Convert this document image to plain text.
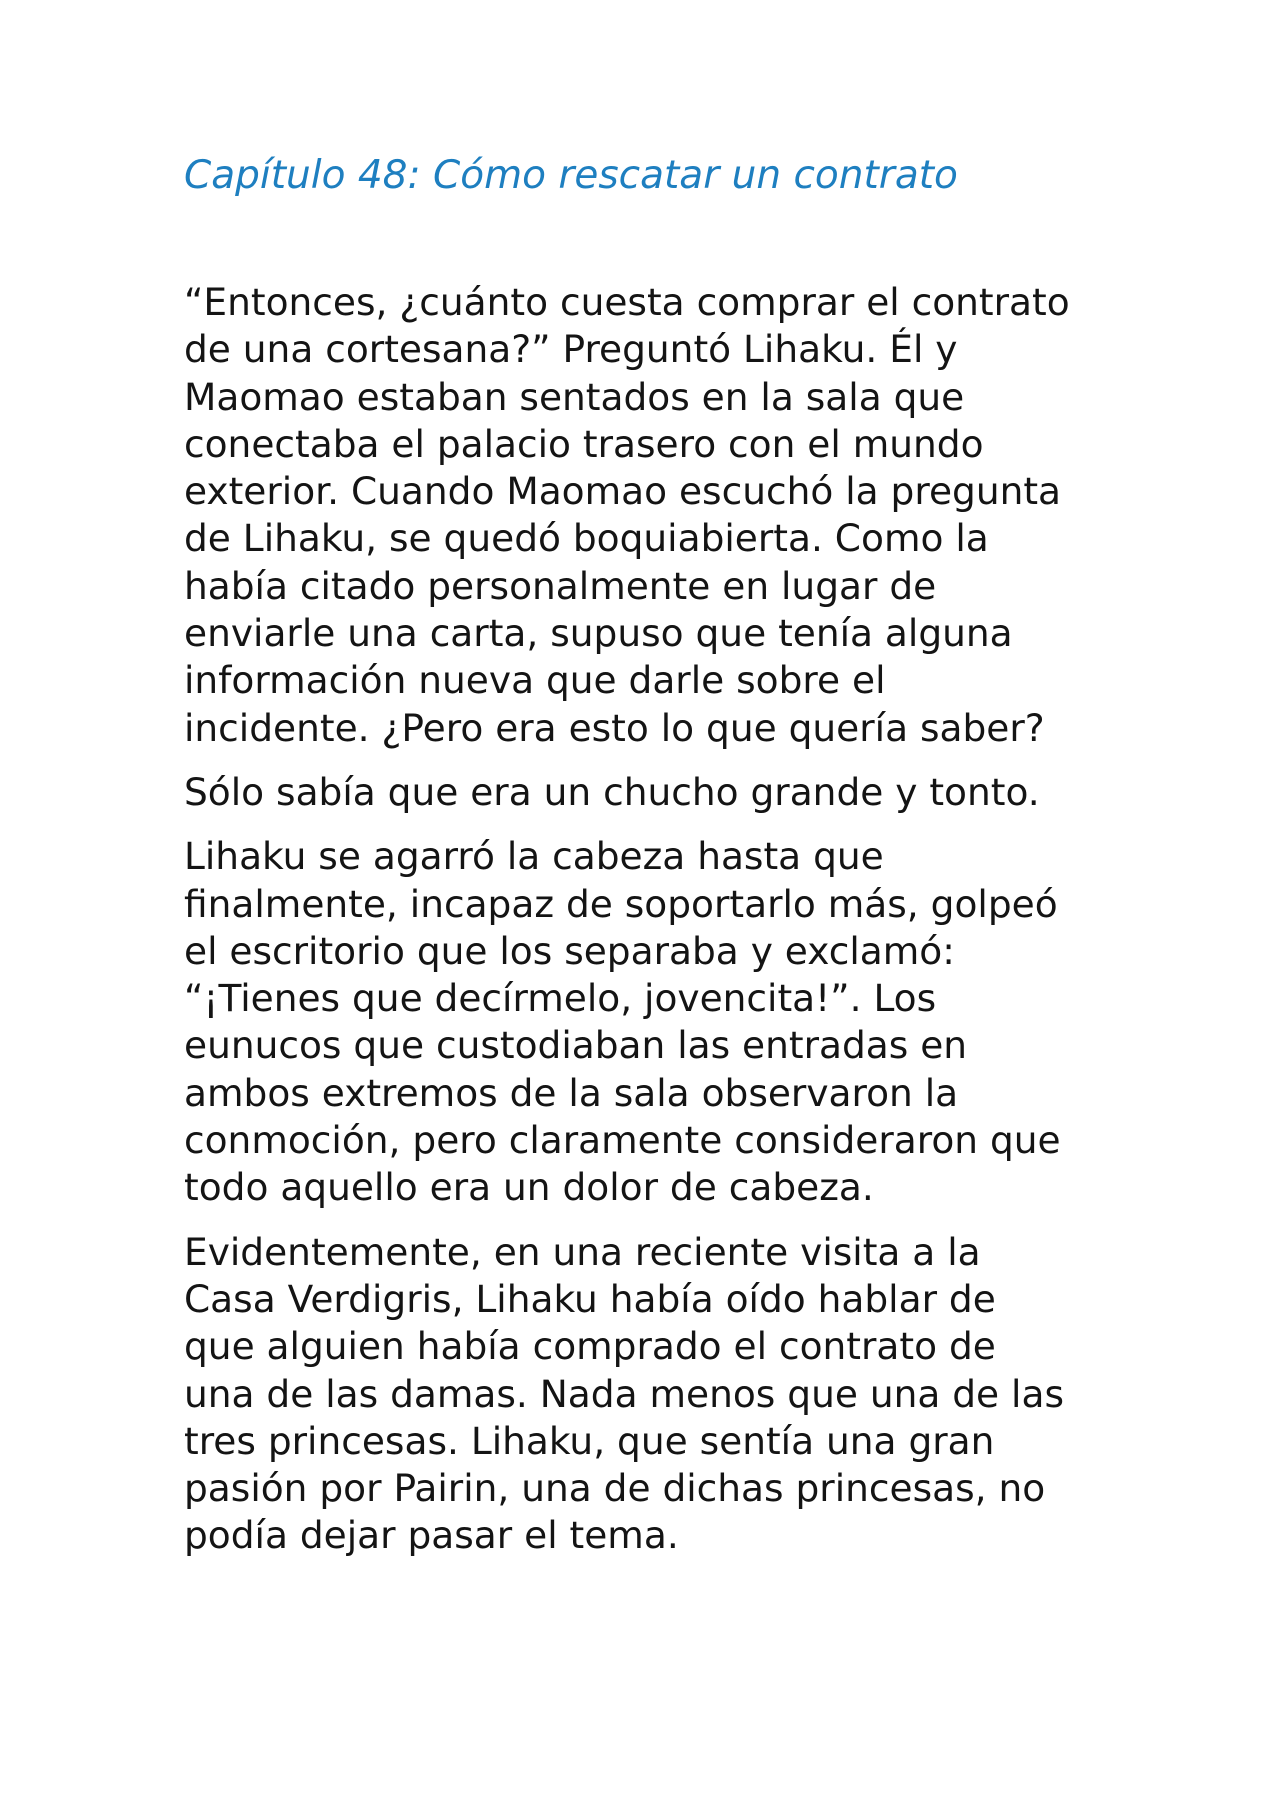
Capítulo 48: Cómo rescatar un contrato
“Entonces, ¿cuánto cuesta comprar el contrato
de una cortesana?” Preguntó Lihaku. Él y
Maomao estaban sentados en la sala que
conectaba el palacio trasero con el mundo
exterior. Cuando Maomao escuchó la pregunta
de Lihaku, se quedó boquiabierta. Como la
había citado personalmente en lugar de
enviarle una carta, supuso que tenía alguna
información nueva que darle sobre el
incidente. ¿Pero era esto lo que quería saber?
Sólo sabía que era un chucho grande y tonto.
Lihaku se agarró la cabeza hasta que
finalmente, incapaz de soportarlo más, golpeó
el escritorio que los separaba y exclamó:
“¡Tienes que decírmelo, jovencita!”. Los
eunucos que custodiaban las entradas en
ambos extremos de la sala observaron la
conmoción, pero claramente consideraron que
todo aquello era un dolor de cabeza.
Evidentemente, en una reciente visita a la
Casa Verdigris, Lihaku había oído hablar de
que alguien había comprado el contrato de
una de las damas. Nada menos que una de las
tres princesas. Lihaku, que sentía una gran
pasión por Pairin, una de dichas princesas, no
podía dejar pasar el tema.
